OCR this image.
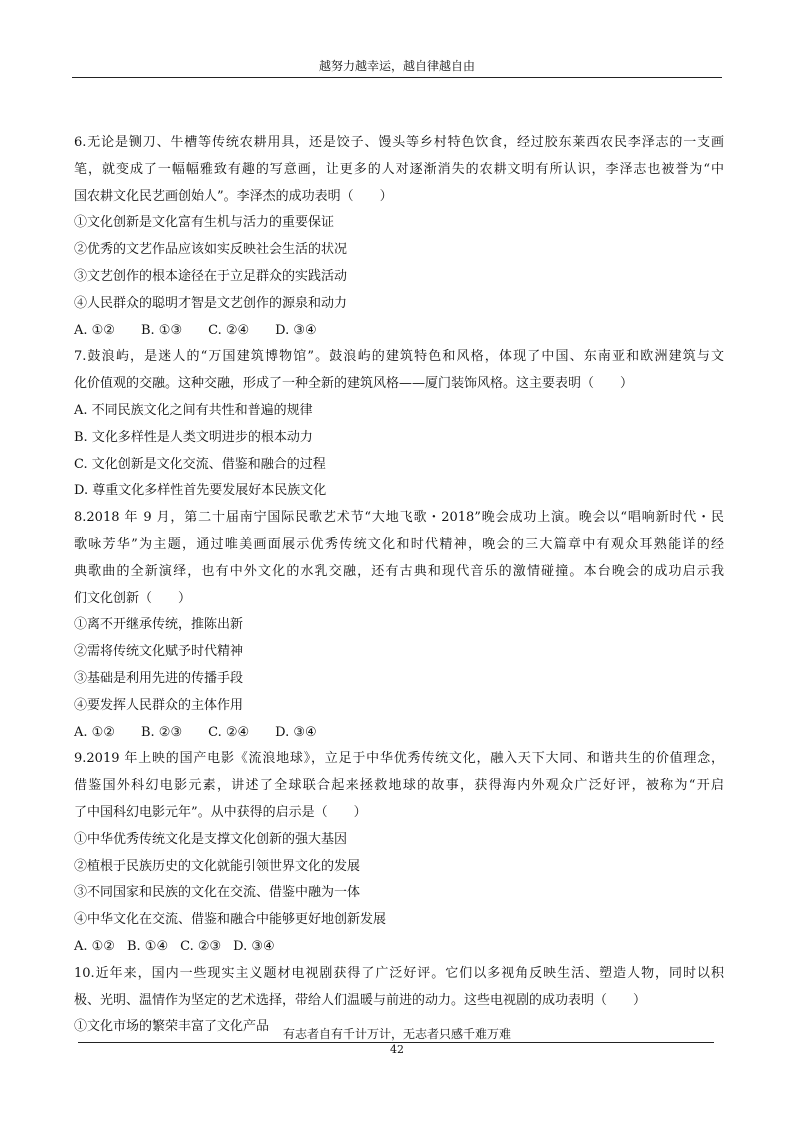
越努力越幸运，越自律越自由
6.无论是铡刀、牛槽等传统农耕用具，还是饺子、馒头等乡村特色饮食，经过胶东莱西农民李泽志的一支画
笔，就变成了一幅幅雅致有趣的写意画，让更多的人对逐渐消失的农耕文明有所认识，李泽志也被誉为“中
国农耕文化民艺画创始人”。李泽杰的成功表明（　　）
①文化创新是文化富有生机与活力的重要保证
②优秀的文艺作品应该如实反映社会生活的状况
③文艺创作的根本途径在于立足群众的实践活动
④人民群众的聪明才智是文艺创作的源泉和动力
A. ①② B. ①③ C. ②④ D. ③④
7.鼓浪屿，是迷人的“万国建筑博物馆”。鼓浪屿的建筑特色和风格，体现了中国、东南亚和欧洲建筑与文
化价值观的交融。这种交融，形成了一种全新的建筑风格——厦门装饰风格。这主要表明（　　）
A. 不同民族文化之间有共性和普遍的规律
B. 文化多样性是人类文明进步的根本动力
C. 文化创新是文化交流、借鉴和融合的过程
D. 尊重文化多样性首先要发展好本民族文化
8.2018 年 9 月，第二十届南宁国际民歌艺术节“大地飞歌・2018”晚会成功上演。晚会以“唱响新时代・民
歌咏芳华”为主题，通过唯美画面展示优秀传统文化和时代精神，晚会的三大篇章中有观众耳熟能详的经
典歌曲的全新演绎，也有中外文化的水乳交融，还有古典和现代音乐的激情碰撞。本台晚会的成功启示我
们文化创新（　　）
①离不开继承传统，推陈出新
②需将传统文化赋予时代精神
③基础是利用先进的传播手段
④要发挥人民群众的主体作用
A. ①② B. ②③ C. ②④ D. ③④
9.2019 年上映的国产电影《流浪地球》，立足于中华优秀传统文化，融入天下大同、和谐共生的价值理念，
借鉴国外科幻电影元素，讲述了全球联合起来拯救地球的故事，获得海内外观众广泛好评，被称为“开启
了中国科幻电影元年”。从中获得的启示是（　　）
①中华优秀传统文化是支撑文化创新的强大基因
②植根于民族历史的文化就能引领世界文化的发展
③不同国家和民族的文化在交流、借鉴中融为一体
④中华文化在交流、借鉴和融合中能够更好地创新发展
A. ①② B. ①④ C. ②③ D. ③④
10.近年来，国内一些现实主义题材电视剧获得了广泛好评。它们以多视角反映生活、塑造人物，同时以积
极、光明、温情作为坚定的艺术选择，带给人们温暖与前进的动力。这些电视剧的成功表明（　　）
①文化市场的繁荣丰富了文化产品	有志者自有千计万计，无志者只感千难万难
42
